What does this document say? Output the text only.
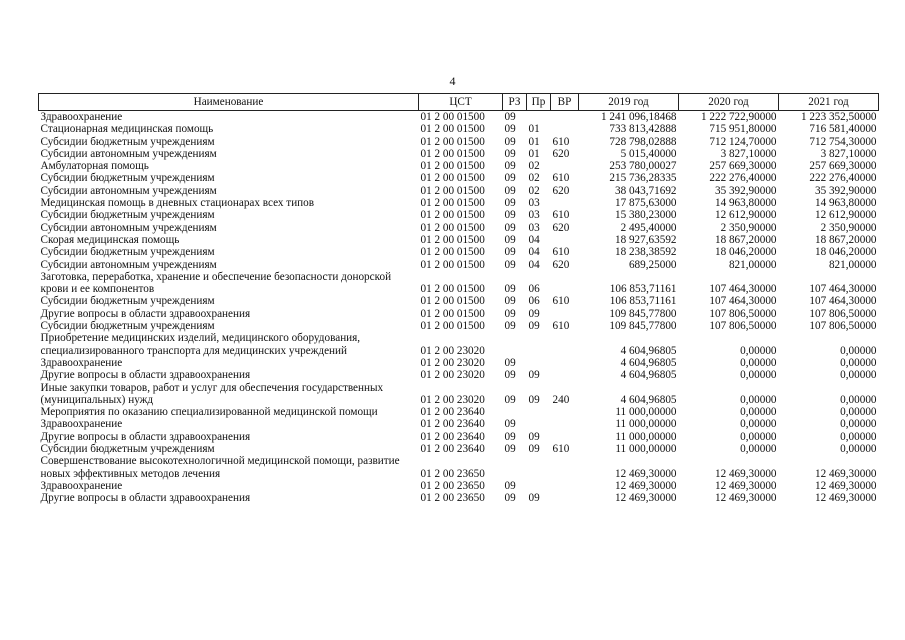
4
Наименование	ЦСТ	РЗ	Пр	ВР	2019 год	2020 год	2021 год
Здравоохранение	01 2 00 01500	09			1 241 096,18468	1 222 722,90000	1 223 352,50000
Стационарная медицинская помощь	01 2 00 01500	09	01		733 813,42888	715 951,80000	716 581,40000
Субсидии бюджетным учреждениям	01 2 00 01500	09	01	610	728 798,02888	712 124,70000	712 754,30000
Субсидии автономным учреждениям	01 2 00 01500	09	01	620	5 015,40000	3 827,10000	3 827,10000
Амбулаторная помощь	01 2 00 01500	09	02		253 780,00027	257 669,30000	257 669,30000
Субсидии бюджетным учреждениям	01 2 00 01500	09	02	610	215 736,28335	222 276,40000	222 276,40000
Субсидии автономным учреждениям	01 2 00 01500	09	02	620	38 043,71692	35 392,90000	35 392,90000
Медицинская помощь в дневных стационарах всех типов	01 2 00 01500	09	03		17 875,63000	14 963,80000	14 963,80000
Субсидии бюджетным учреждениям	01 2 00 01500	09	03	610	15 380,23000	12 612,90000	12 612,90000
Субсидии автономным учреждениям	01 2 00 01500	09	03	620	2 495,40000	2 350,90000	2 350,90000
Скорая медицинская помощь	01 2 00 01500	09	04		18 927,63592	18 867,20000	18 867,20000
Субсидии бюджетным учреждениям	01 2 00 01500	09	04	610	18 238,38592	18 046,20000	18 046,20000
Субсидии автономным учреждениям	01 2 00 01500	09	04	620	689,25000	821,00000	821,00000
Заготовка, переработка, хранение и обеспечение безопасности донорской крови и ее компонентов	01 2 00 01500	09	06		106 853,71161	107 464,30000	107 464,30000
Субсидии бюджетным учреждениям	01 2 00 01500	09	06	610	106 853,71161	107 464,30000	107 464,30000
Другие вопросы в области здравоохранения	01 2 00 01500	09	09		109 845,77800	107 806,50000	107 806,50000
Субсидии бюджетным учреждениям	01 2 00 01500	09	09	610	109 845,77800	107 806,50000	107 806,50000
Приобретение медицинских изделий, медицинского оборудования, специализированного транспорта для медицинских учреждений	01 2 00 23020				4 604,96805	0,00000	0,00000
Здравоохранение	01 2 00 23020	09			4 604,96805	0,00000	0,00000
Другие вопросы в области здравоохранения	01 2 00 23020	09	09		4 604,96805	0,00000	0,00000
Иные закупки товаров, работ и услуг для обеспечения государственных (муниципальных) нужд	01 2 00 23020	09	09	240	4 604,96805	0,00000	0,00000
Мероприятия по оказанию специализированной медицинской помощи	01 2 00 23640				11 000,00000	0,00000	0,00000
Здравоохранение	01 2 00 23640	09			11 000,00000	0,00000	0,00000
Другие вопросы в области здравоохранения	01 2 00 23640	09	09		11 000,00000	0,00000	0,00000
Субсидии бюджетным учреждениям	01 2 00 23640	09	09	610	11 000,00000	0,00000	0,00000
Совершенствование высокотехнологичной медицинской помощи, развитие новых эффективных методов лечения	01 2 00 23650				12 469,30000	12 469,30000	12 469,30000
Здравоохранение	01 2 00 23650	09			12 469,30000	12 469,30000	12 469,30000
Другие вопросы в области здравоохранения	01 2 00 23650	09	09		12 469,30000	12 469,30000	12 469,30000
